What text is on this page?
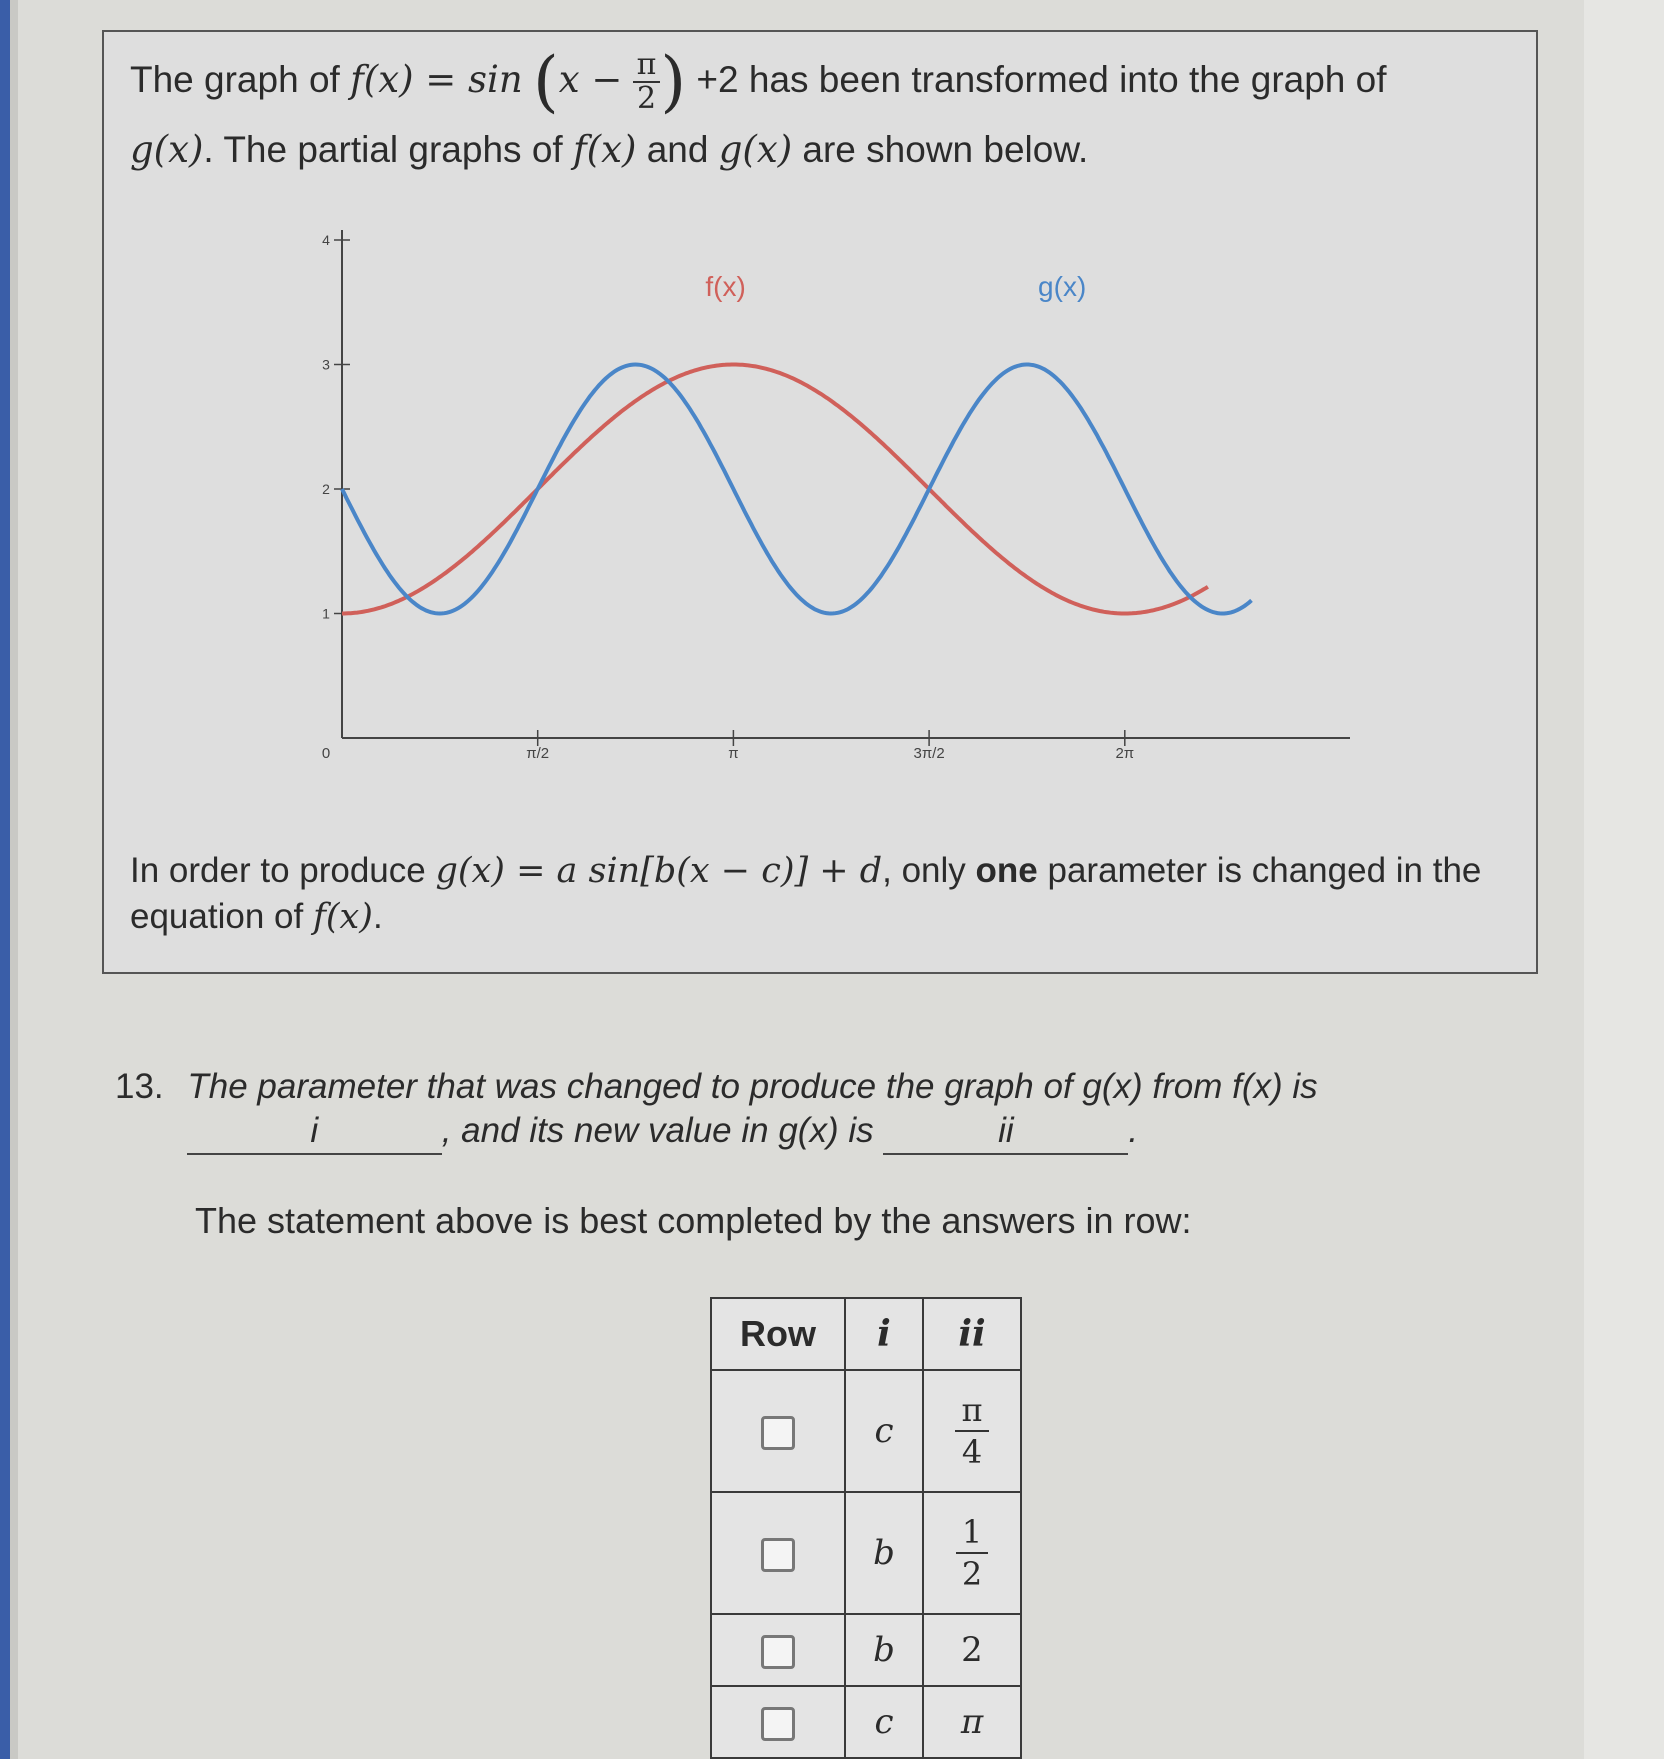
The graph of $f(x) = \sin (x - \frac{\pi}{2}$ ) +2 has been transformed into the graph of
g(x). The partial graphs of f(x) and g(x) are shown below.
0	π/2	π	3π/2	2π
4
3
2
1
f(x)	g(x)
In order to produce g(x) = a sin[b(x − c)] + d, only one parameter is changed in the equation of f(x).
13. The parameter that was changed to produce the graph of g(x) from f(x) is
i	, and its new value in g(x) is	ii	.
The statement above is best completed by the answers in row:
Row	i	ii
	c	$\frac{\pi}{4}$

	b	$\frac{1}{2}$

	b	2
	c	π
